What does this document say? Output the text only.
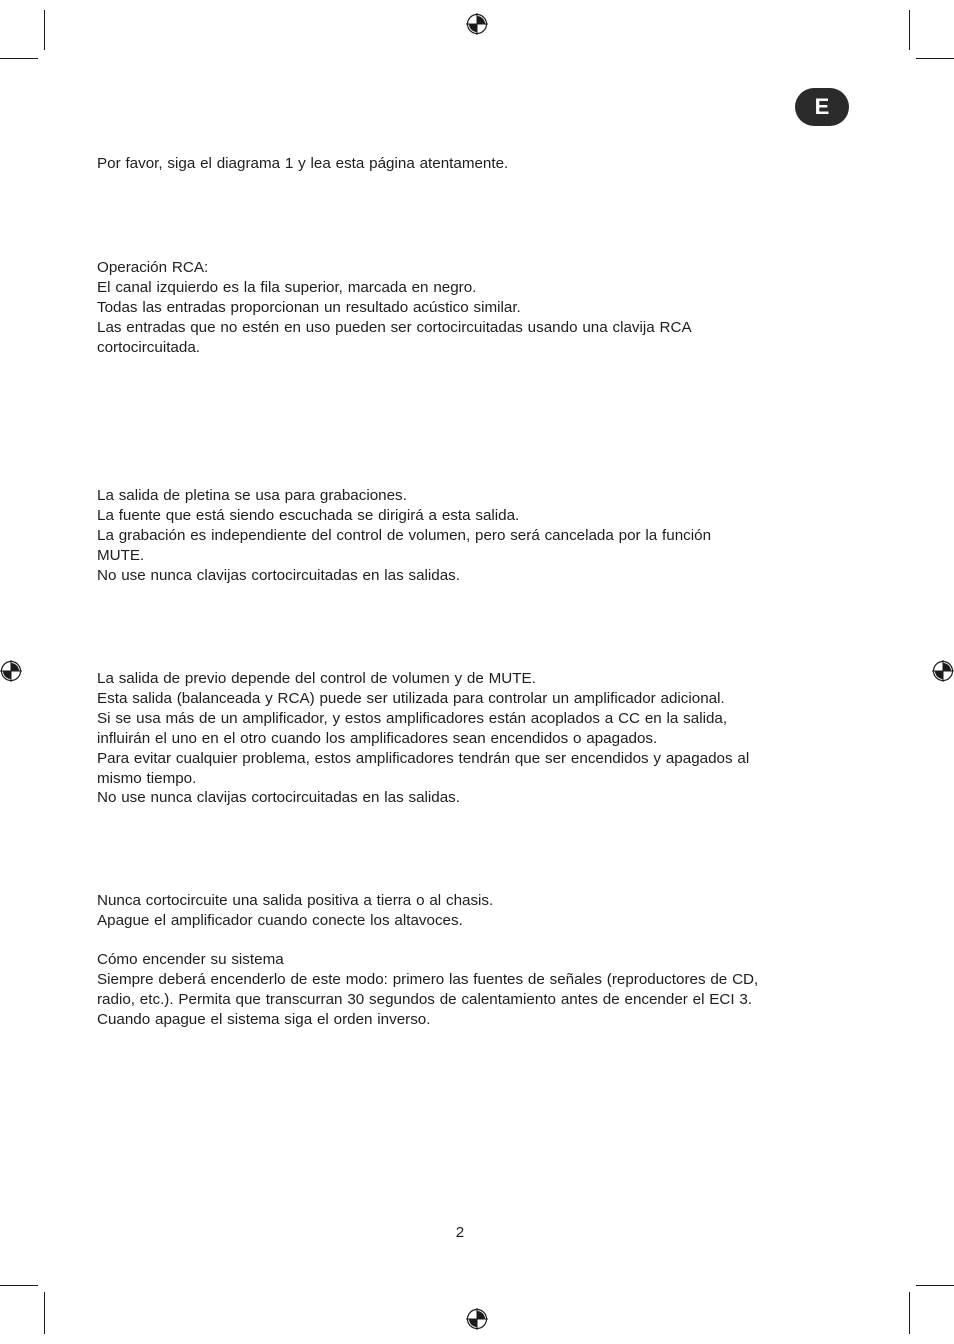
E

Por favor, siga el diagrama 1 y lea esta página atentamente.

Operación RCA:

El canal izquierdo es la fila superior, marcada en negro.

Todas las entradas proporcionan un resultado acústico similar.

Las entradas que no estén en uso pueden ser cortocircuitadas usando una clavija RCA

cortocircuitada.

La salida de pletina se usa para grabaciones.

La fuente que está siendo escuchada se dirigirá a esta salida.

La grabación es independiente del control de volumen, pero será cancelada por la función

MUTE.

No use nunca clavijas cortocircuitadas en las salidas.

La salida de previo depende del control de volumen y de MUTE.

Esta salida (balanceada y RCA) puede ser utilizada para controlar un amplificador adicional.

Si se usa más de un amplificador, y estos amplificadores están acoplados a CC en la salida,

influirán el uno en el otro cuando los amplificadores sean encendidos o apagados.

Para evitar cualquier problema, estos amplificadores tendrán que ser encendidos y apagados al

mismo tiempo.

No use nunca clavijas cortocircuitadas en las salidas.

Nunca cortocircuite una salida positiva a tierra o al chasis.

Apague el amplificador cuando conecte los altavoces.

Cómo encender su sistema

Siempre deberá encenderlo de este modo: primero las fuentes de señales (reproductores de CD,

radio, etc.). Permita que transcurran 30 segundos de calentamiento antes de encender el ECI 3.

Cuando apague el sistema siga el orden inverso.

2
